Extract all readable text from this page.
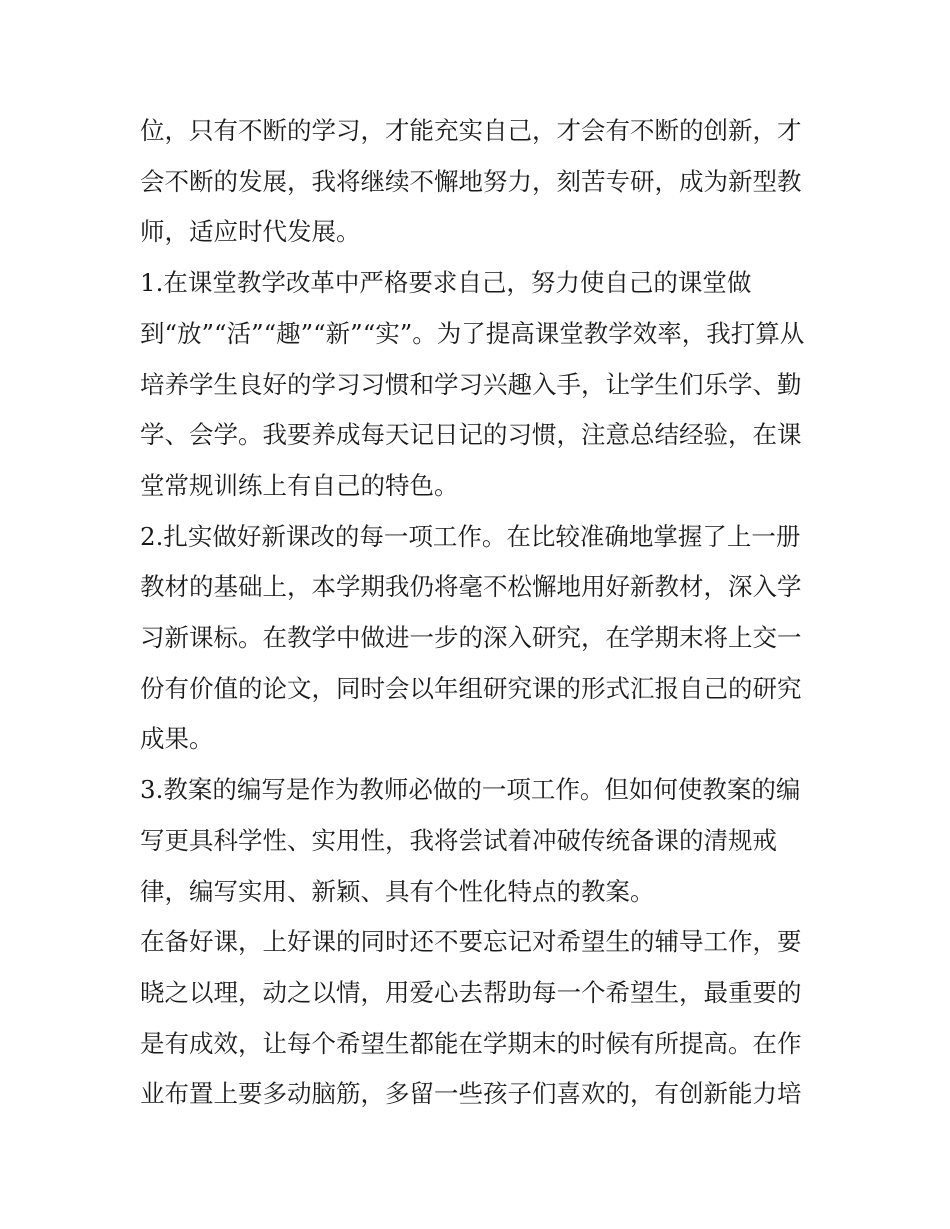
位，只有不断的学习，才能充实自己，才会有不断的创新，才
会不断的发展，我将继续不懈地努力，刻苦专研，成为新型教
师，适应时代发展。

1.在课堂教学改革中严格要求自己，努力使自己的课堂做
到“放”“活”“趣”“新”“实”。为了提高课堂教学效率，我打算从
培养学生良好的学习习惯和学习兴趣入手，让学生们乐学、勤
学、会学。我要养成每天记日记的习惯，注意总结经验，在课
堂常规训练上有自己的特色。

2.扎实做好新课改的每一项工作。在比较准确地掌握了上一册
教材的基础上，本学期我仍将毫不松懈地用好新教材，深入学
习新课标。在教学中做进一步的深入研究，在学期末将上交一
份有价值的论文，同时会以年组研究课的形式汇报自己的研究
成果。

3.教案的编写是作为教师必做的一项工作。但如何使教案的编
写更具科学性、实用性，我将尝试着冲破传统备课的清规戒
律，编写实用、新颖、具有个性化特点的教案。

在备好课，上好课的同时还不要忘记对希望生的辅导工作，要
晓之以理，动之以情，用爱心去帮助每一个希望生，最重要的
是有成效，让每个希望生都能在学期末的时候有所提高。在作
业布置上要多动脑筋，多留一些孩子们喜欢的，有创新能力培
